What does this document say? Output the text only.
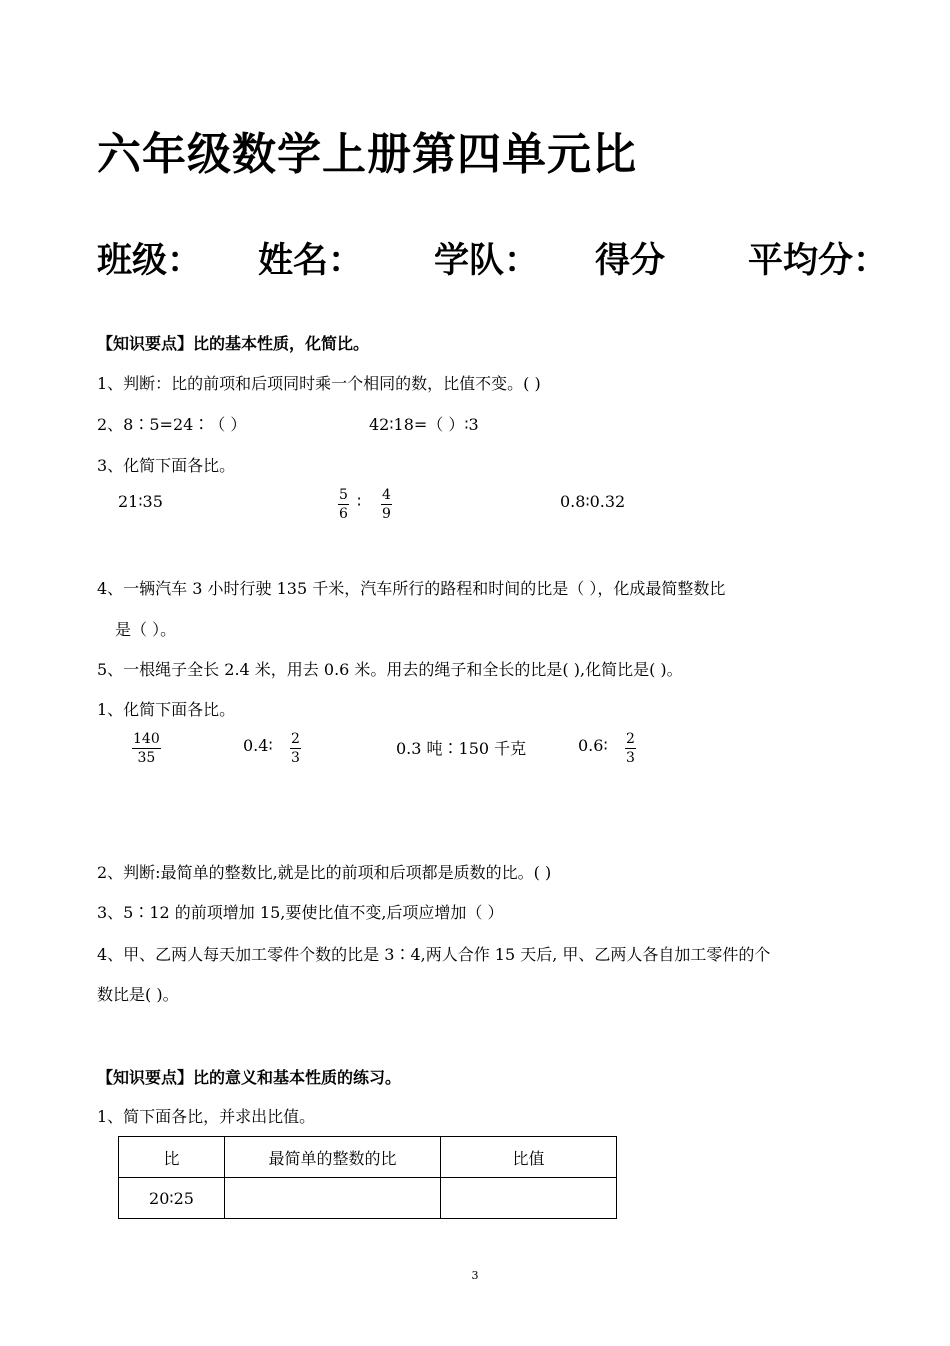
六年级数学上册第四单元比
班级： 姓名： 学队： 得分 平均分：
【知识要点】比的基本性质，化简比。
1、判断：比的前项和后项同时乘一个相同的数，比值不变。( )
2、8∶5=24∶（ ）	42∶18=（ ）∶3
3、化简下面各比。
21∶35	$\frac{5}{6}$ ∶ $\frac{4}{9}$	0.8∶0.32
4、一辆汽车 3 小时行驶 135 千米，汽车所行的路程和时间的比是（ ），化成最简整数比
是（ ）。
5、一根绳子全长 2.4 米，用去 0.6 米。用去的绳子和全长的比是( ),化简比是( )。
1、化简下面各比。
$\frac{140}{35}$	0.4∶ $\frac{2}{3}$	0.3 吨∶150 千克	0.6∶ $\frac{2}{3}$
2、判断:最简单的整数比,就是比的前项和后项都是质数的比。( )
3、5∶12 的前项增加 15,要使比值不变,后项应增加（ ）
4、甲、乙两人每天加工零件个数的比是 3∶4,两人合作 15 天后, 甲、乙两人各自加工零件的个
数比是( )。
【知识要点】比的意义和基本性质的练习。
1、简下面各比，并求出比值。
比	最简单的整数的比	比值
20∶25		
3
